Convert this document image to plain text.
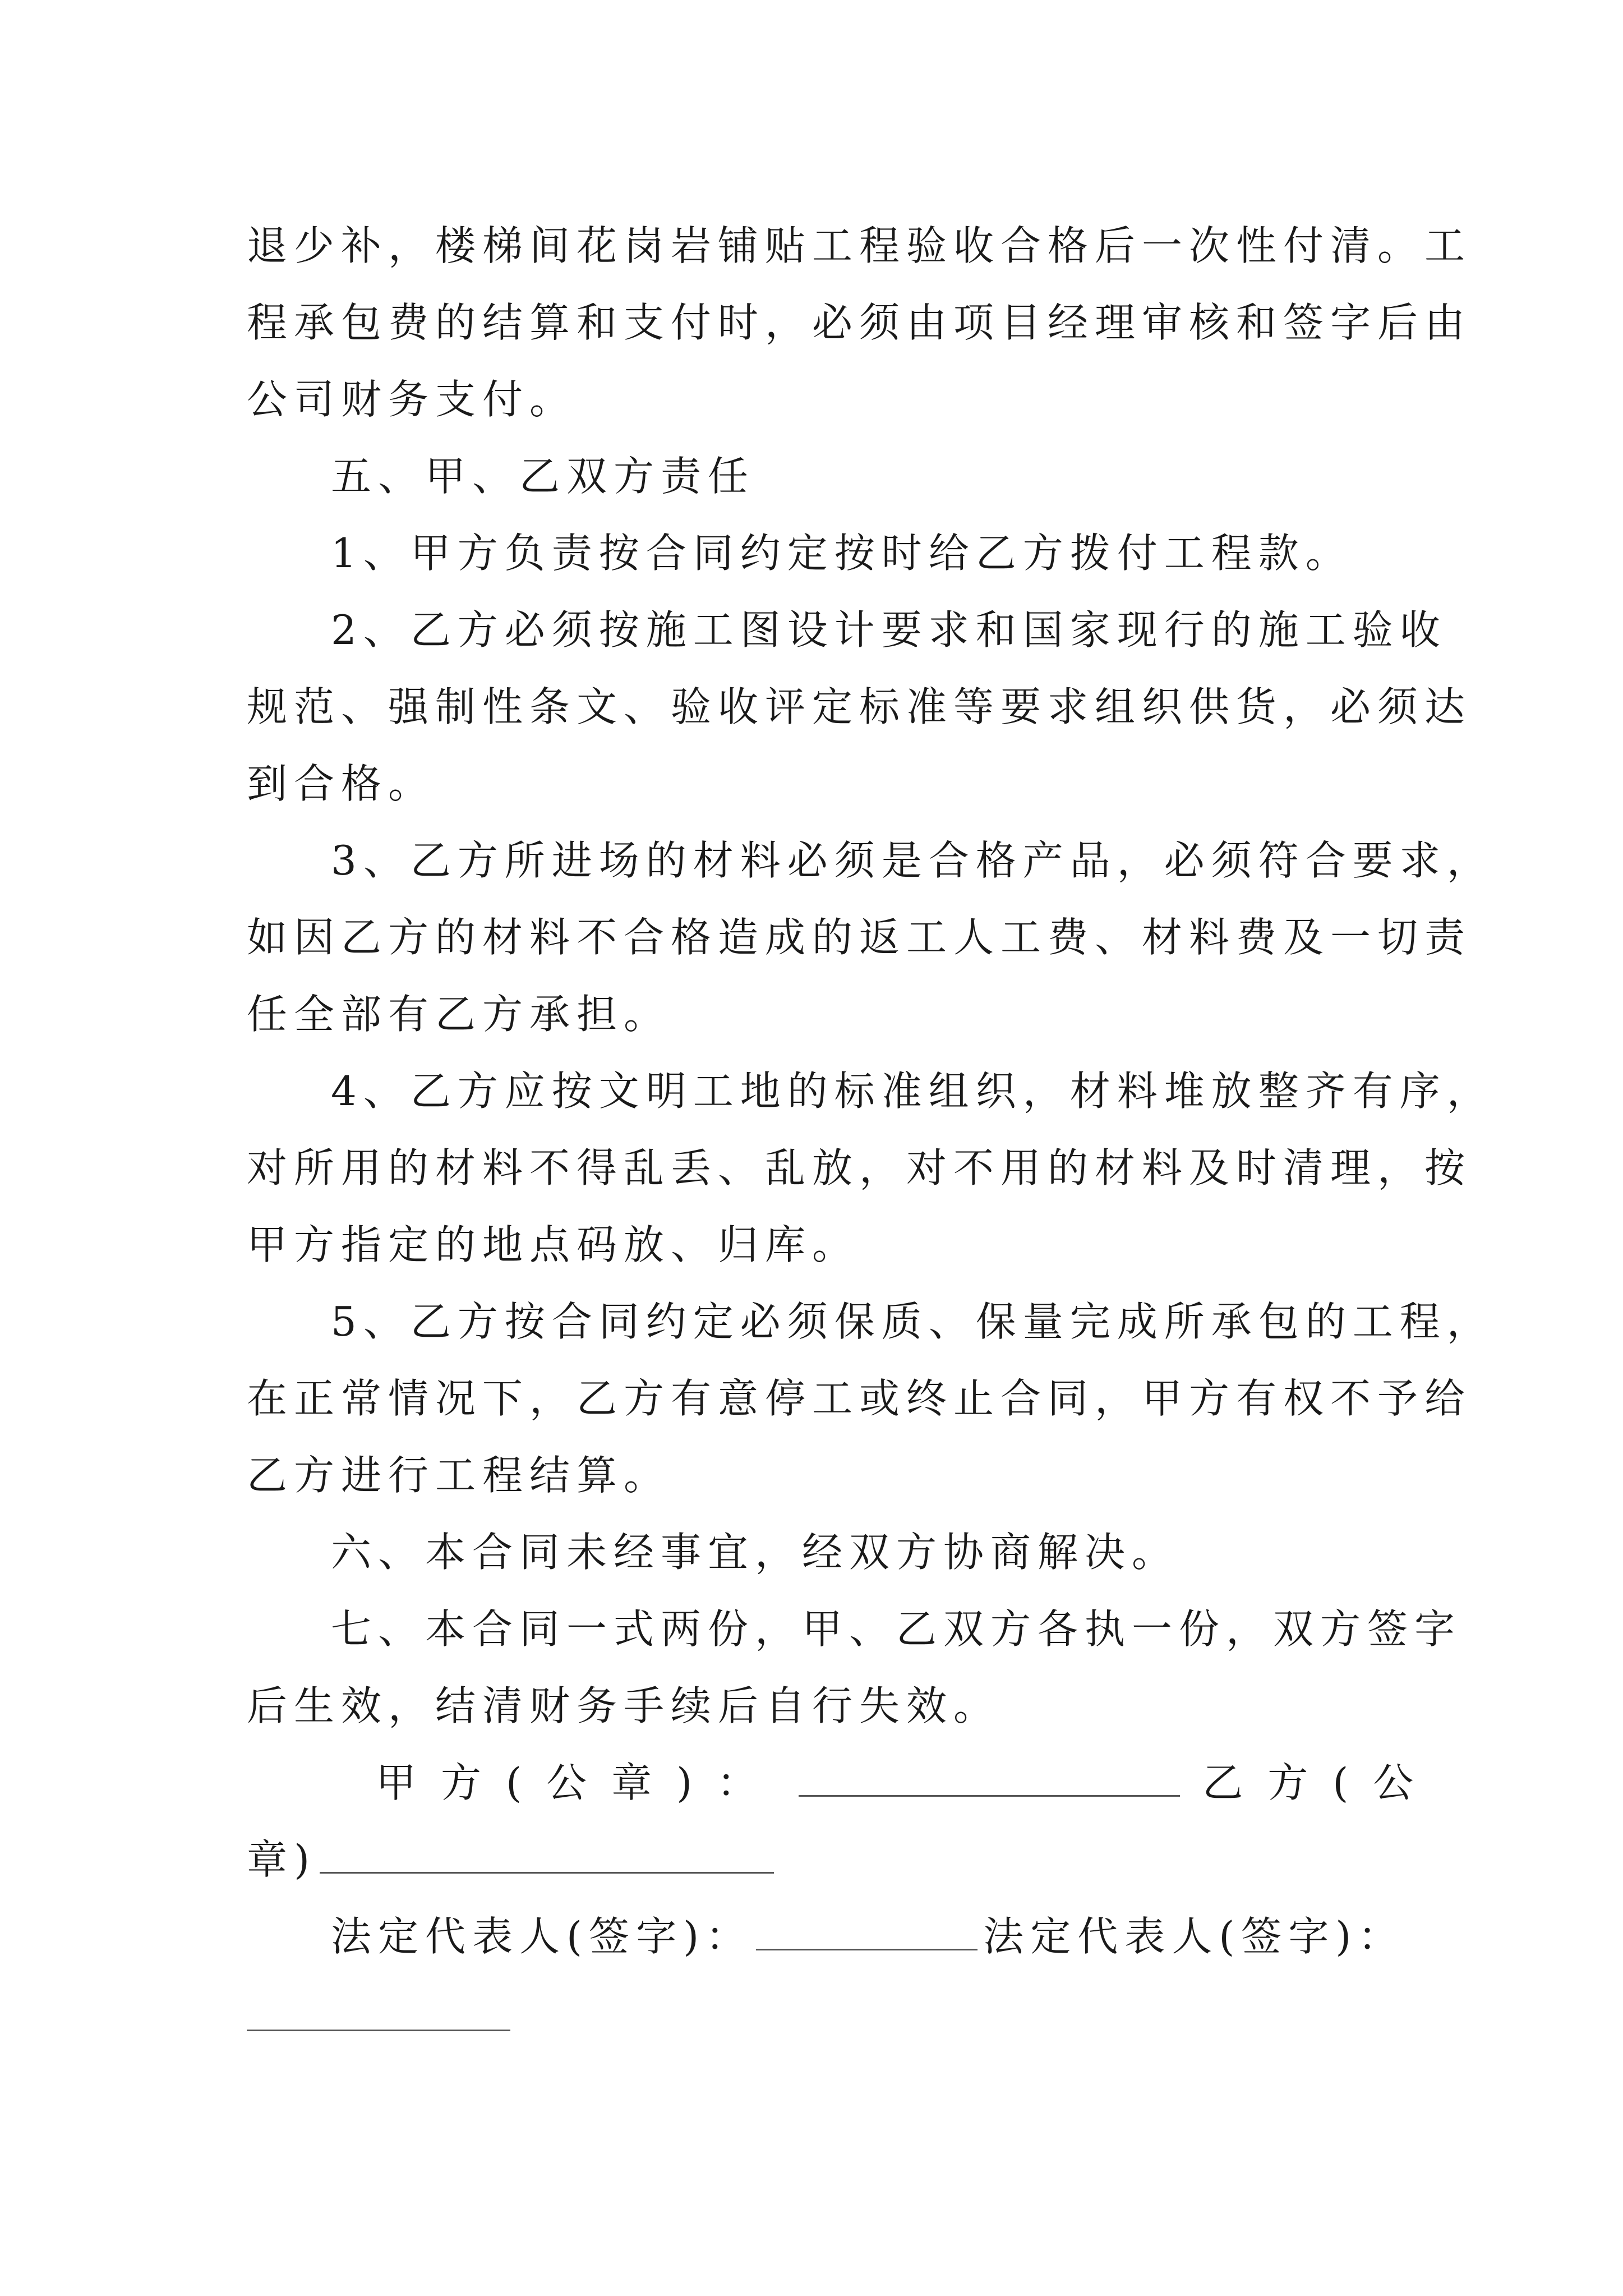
退少补，楼梯间花岗岩铺贴工程验收合格后一次性付清。工
程承包费的结算和支付时，必须由项目经理审核和签字后由
公司财务支付。
五、甲、乙双方责任
1、甲方负责按合同约定按时给乙方拨付工程款。
2、乙方必须按施工图设计要求和国家现行的施工验收
规范、强制性条文、验收评定标准等要求组织供货，必须达
到合格。
3、乙方所进场的材料必须是合格产品，必须符合要求，
如因乙方的材料不合格造成的返工人工费、材料费及一切责
任全部有乙方承担。
4、乙方应按文明工地的标准组织，材料堆放整齐有序，
对所用的材料不得乱丢、乱放，对不用的材料及时清理，按
甲方指定的地点码放、归库。
5、乙方按合同约定必须保质、保量完成所承包的工程，
在正常情况下，乙方有意停工或终止合同，甲方有权不予给
乙方进行工程结算。
六、本合同未经事宜，经双方协商解决。
七、本合同一式两份，甲、乙双方各执一份，双方签字
后生效，结清财务手续后自行失效。
甲方(公章)：	乙方(公
章)
法定代表人(签字)：	法定代表人(签字)：
